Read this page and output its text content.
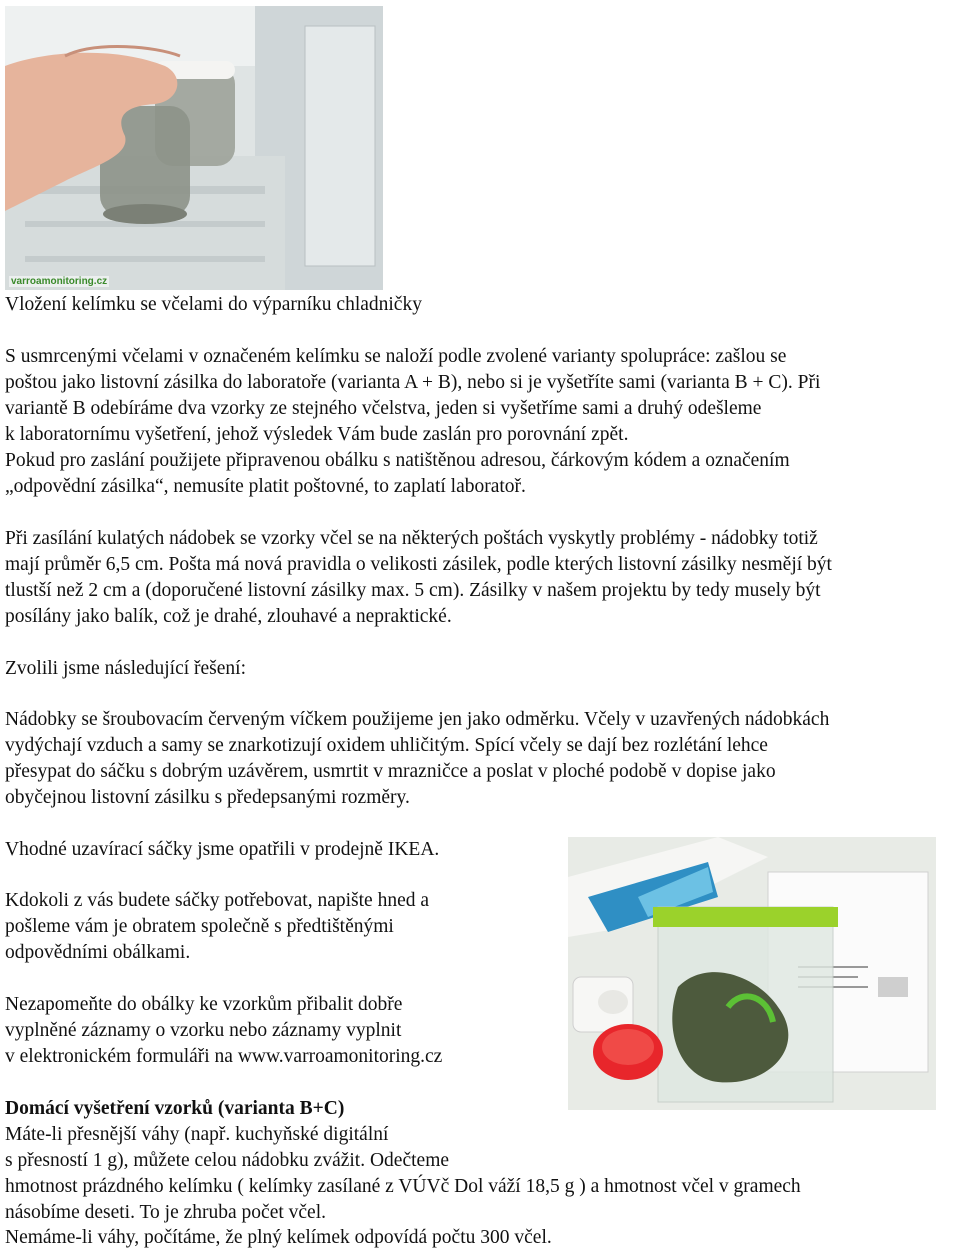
varroamonitoring.cz

Vložení kelímku se včelami do výparníku chladničky

S usmrcenými včelami v označeném kelímku se naloží podle zvolené varianty spolupráce: zašlou se

poštou jako listovní zásilka do laboratoře (varianta A + B), nebo si je vyšetříte sami (varianta B + C). Při

variantě B odebíráme dva vzorky ze stejného včelstva, jeden si vyšetříme sami a druhý odešleme

k laboratornímu vyšetření, jehož výsledek Vám bude zaslán pro porovnání zpět.

Pokud pro zaslání použijete připravenou obálku s natištěnou adresou, čárkovým kódem a označením

„odpovědní zásilka“, nemusíte platit poštovné, to zaplatí laboratoř.

Při zasílání kulatých nádobek se vzorky včel se na některých poštách vyskytly problémy - nádobky totiž

mají průměr 6,5 cm. Pošta má nová pravidla o velikosti zásilek, podle kterých listovní zásilky nesmějí být

tlustší než 2 cm a (doporučené listovní zásilky max. 5 cm). Zásilky v našem projektu by tedy musely být

posílány jako balík, což je drahé, zlouhavé a nepraktické.

Zvolili jsme následující řešení:

Nádobky se šroubovacím červeným víčkem použijeme jen jako odměrku. Včely v uzavřených nádobkách

vydýchají vzduch a samy se znarkotizují oxidem uhličitým. Spící včely se dají bez rozlétání lehce

přesypat do sáčku s dobrým uzávěrem, usmrtit v mrazničce a poslat v ploché podobě v dopise jako

obyčejnou listovní zásilku s předepsanými rozměry.

Vhodné uzavírací sáčky jsme opatřili v prodejně IKEA.

Kdokoli z vás budete sáčky potřebovat, napište hned a

pošleme vám je obratem společně s předtištěnými

odpovědními obálkami.

Nezapomeňte do obálky ke vzorkům přibalit dobře

vyplněné záznamy o vzorku nebo záznamy vyplnit

v elektronickém formuláři na www.varroamonitoring.cz

Domácí vyšetření vzorků (varianta B+C)

Máte-li přesnější váhy (např. kuchyňské digitální

s přesností 1 g), můžete celou nádobku zvážit. Odečteme

hmotnost prázdného kelímku ( kelímky zasílané z VÚVč Dol váží 18,5 g ) a hmotnost včel v gramech

násobíme deseti. To je zhruba počet včel.

Nemáme-li váhy, počítáme, že plný kelímek odpovídá počtu 300 včel.
